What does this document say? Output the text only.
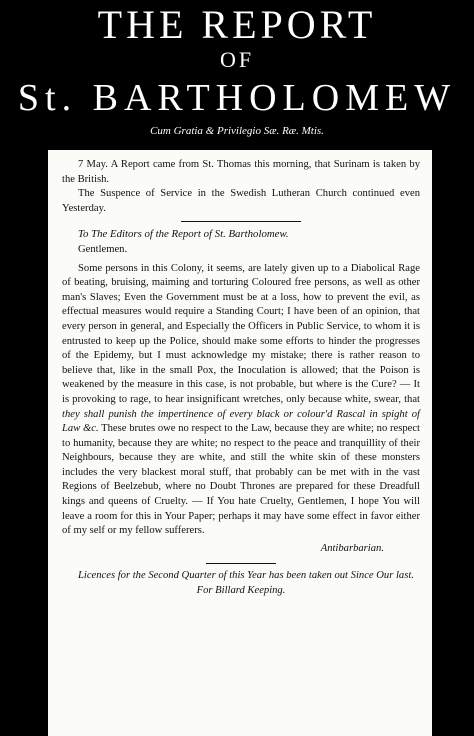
THE REPORT
OF
St. BARTHOLOMEW
Cum Gratia & Privilegio Sæ. Ræ. Mtis.

7 May. A Report came from St. Thomas this morning, that Surinam is taken by the British.

The Suspence of Service in the Swedish Lutheran Church continued even Yesterday.

To The Editors of the Report of St. Bartholomew.

Gentlemen.

Some persons in this Colony, it seems, are lately given up to a Diabolical Rage of beating, bruising, maiming and torturing Coloured free persons, as well as other man's Slaves; Even the Government must be at a loss, how to prevent the evil, as effectual measures would require a Standing Court; I have been of an opinion, that every person in general, and Especially the Officers in Public Service, to whom it is entrusted to keep up the Police, should make some efforts to hinder the progresses of the Epidemy, but I must acknowledge my mistake; there is rather reason to believe that, like in the small Pox, the Inoculation is allowed; that the Poison is weakened by the measure in this case, is not probable, but where is the Cure? — It is provoking to rage, to hear insignificant wretches, only because white, swear, that they shall punish the impertinence of every black or colour'd Rascal in spight of Law &c. These brutes owe no respect to the Law, because they are white; no respect to humanity, because they are white; no respect to the peace and tranquillity of their Neighbours, because they are white, and still the white skin of these monsters includes the very blackest moral stuff, that probably can be met with in the vast Regions of Beelzebub, where no Doubt Thrones are prepared for these Dreadfull kings and queens of Cruelty. — If You hate Cruelty, Gentlemen, I hope You will leave a room for this in Your Paper; perhaps it may have some effect in favor either of my self or my fellow sufferers.

Antibarbarian.

Licences for the Second Quarter of this Year has been taken out Since Our last.

For Billard Keeping.
